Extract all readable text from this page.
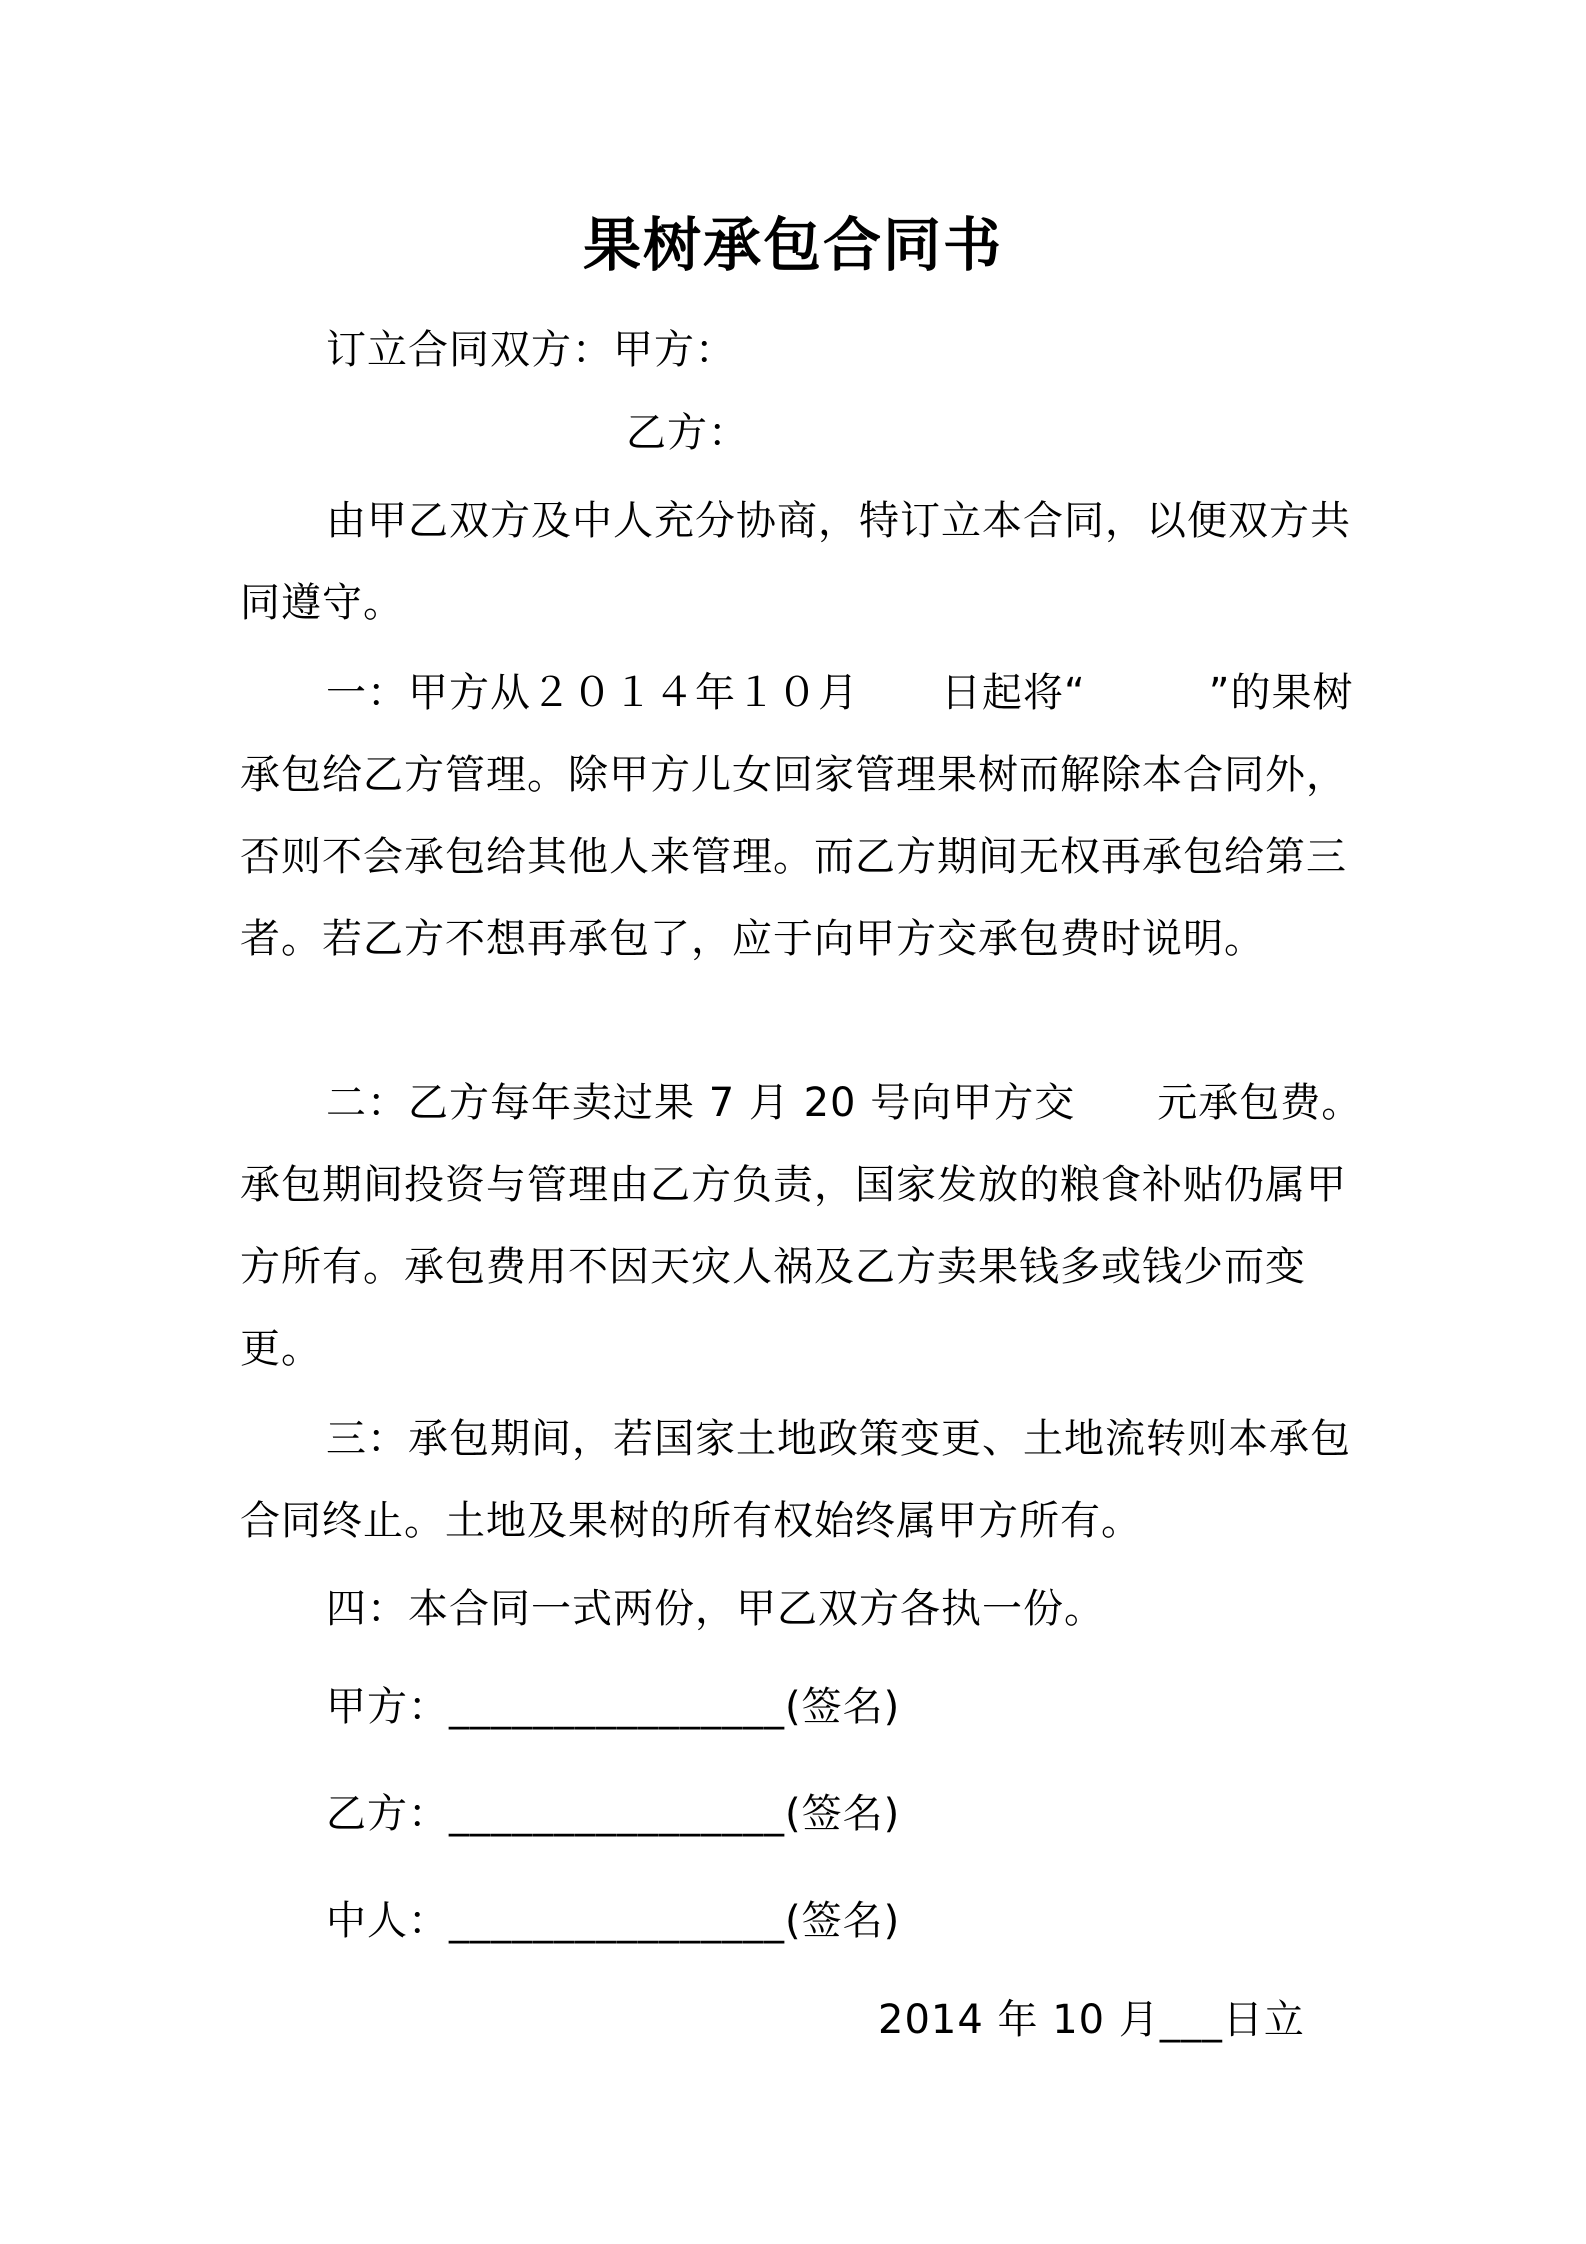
果树承包合同书
订立合同双方：甲方：
乙方：
由甲乙双方及中人充分协商，特订立本合同，以便双方共同遵守。
一：甲方从２０１４年１０月　　日起将“　　　”的果树承包给乙方管理。除甲方儿女回家管理果树而解除本合同外，否则不会承包给其他人来管理。而乙方期间无权再承包给第三者。若乙方不想再承包了，应于向甲方交承包费时说明。
二：乙方每年卖过果 7 月 20 号向甲方交　　元承包费。承包期间投资与管理由乙方负责，国家发放的粮食补贴仍属甲方所有。承包费用不因天灾人祸及乙方卖果钱多或钱少而变更。
三：承包期间，若国家土地政策变更、土地流转则本承包合同终止。土地及果树的所有权始终属甲方所有。
四：本合同一式两份，甲乙双方各执一份。
甲方：________________(签名)
乙方：________________(签名)
中人：________________(签名)
2014 年 10 月___日立
